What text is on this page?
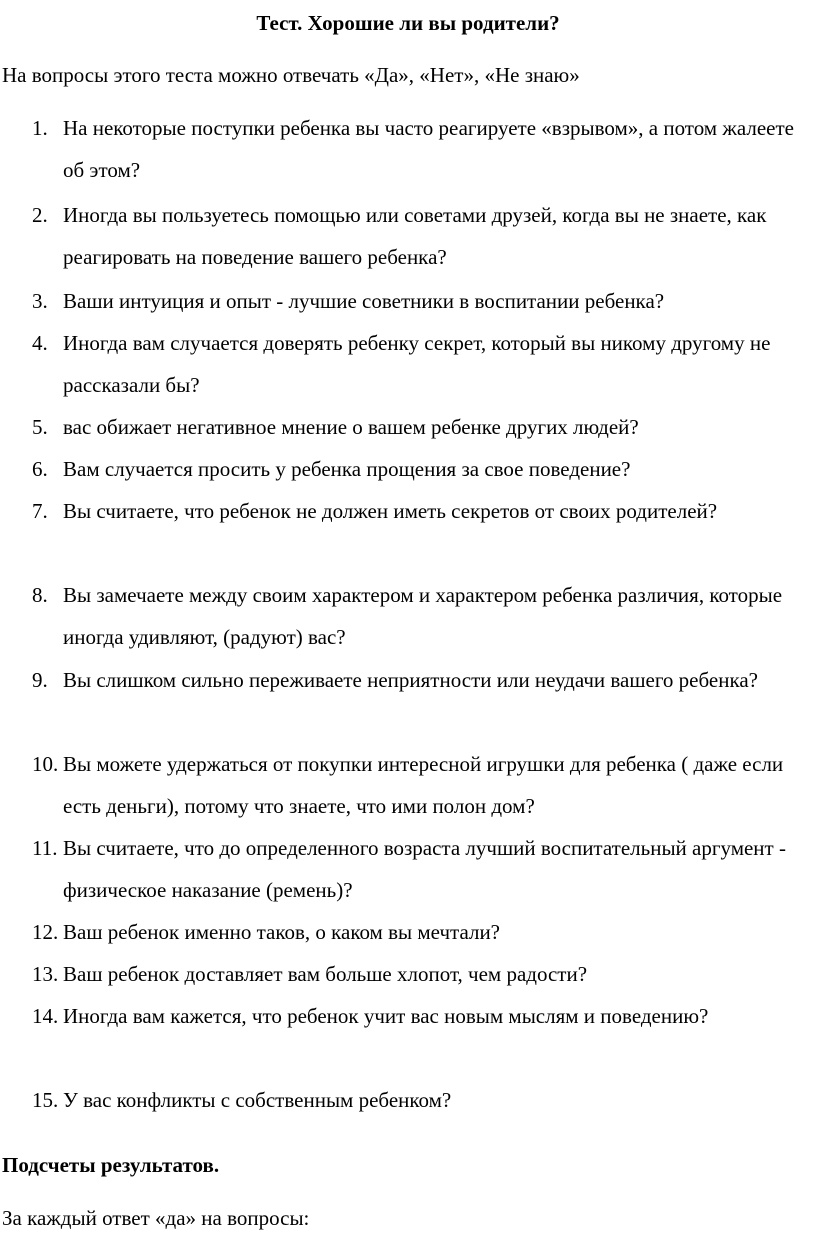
Тест. Хорошие ли вы родители?
На вопросы этого теста можно отвечать «Да», «Нет», «Не знаю»
1. На некоторые поступки ребенка вы часто реагируете «взрывом», а потом жалеете об этом?
2. Иногда вы пользуетесь помощью или советами друзей, когда вы не знаете, как реагировать на поведение вашего ребенка?
3. Ваши интуиция и опыт - лучшие советники в воспитании ребенка?
4. Иногда вам случается доверять ребенку секрет, который вы никому другому не рассказали бы?
5. вас обижает негативное мнение о вашем ребенке других людей?
6. Вам случается просить у ребенка прощения за свое поведение?
7. Вы считаете, что ребенок не должен иметь секретов от своих родителей?
8. Вы замечаете между своим характером и характером ребенка различия, которые иногда удивляют, (радуют) вас?
9. Вы слишком сильно переживаете неприятности или неудачи вашего ребенка?
10. Вы можете удержаться от покупки интересной игрушки для ребенка ( даже если есть деньги), потому что знаете, что ими полон дом?
11. Вы считаете, что до определенного возраста лучший воспитательный аргумент - физическое наказание (ремень)?
12. Ваш ребенок именно таков, о каком вы мечтали?
13. Ваш ребенок доставляет вам больше хлопот, чем радости?
14. Иногда вам кажется, что ребенок учит вас новым мыслям и поведению?
15. У вас конфликты с собственным ребенком?
Подсчеты результатов.
За каждый ответ «да» на вопросы:
